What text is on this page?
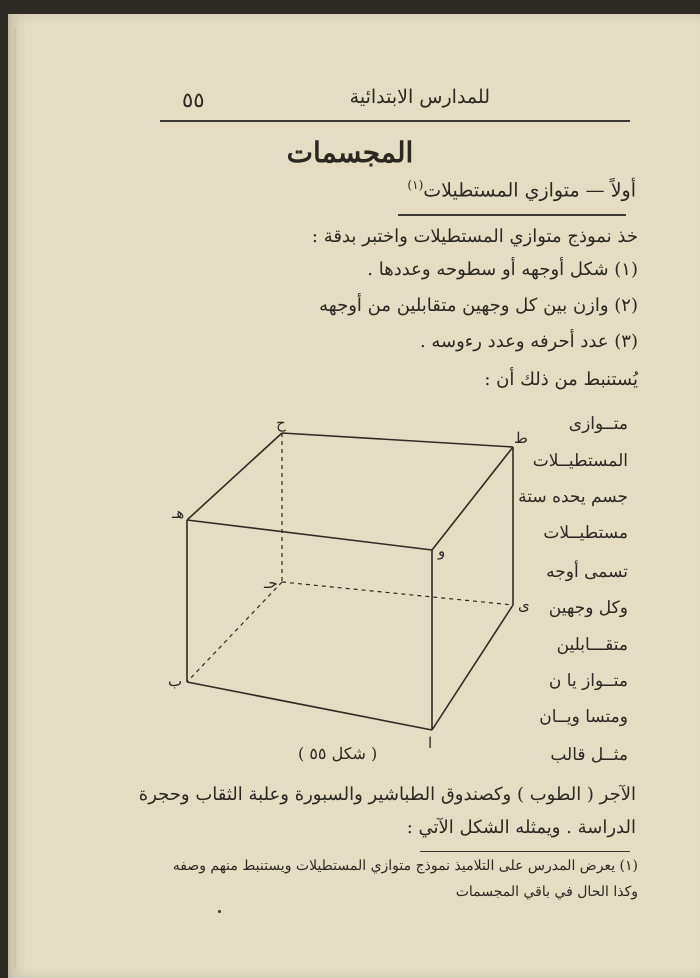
٥٥	للمدارس الابتدائية
المجسمات
أولاً — متوازي المستطيلات$^{(١)}$
خذ نموذج متوازي المستطيلات واختبر بدقة :
(١) شكل أوجهه أو سطوحه وعددها .
(٢) وازن بين كل وجهين متقابلين من أوجهه
(٣) عدد أحرفه وعدد رءوسه .
يُستنبط من ذلك أن :
متــوازى
المستطيــلات
جسم يحده ستة
مستطيــلات
تسمى أوجه
وكل وجهين
متقـــابلين
متــواز يا ن
ومتسا ويــان
مثــل قالب
ح
ط
هـ
و
حـ
ى
ب
ا
( شكل ٥٥ )
الآجر ( الطوب ) وكصندوق الطباشير والسبورة وعلبة الثقاب وحجرة
الدراسة . ويمثله الشكل الآتي :
(١) يعرض المدرس على التلاميذ نموذج متوازي المستطيلات ويستنبط منهم وصفه
وكذا الحال في باقي المجسمات
